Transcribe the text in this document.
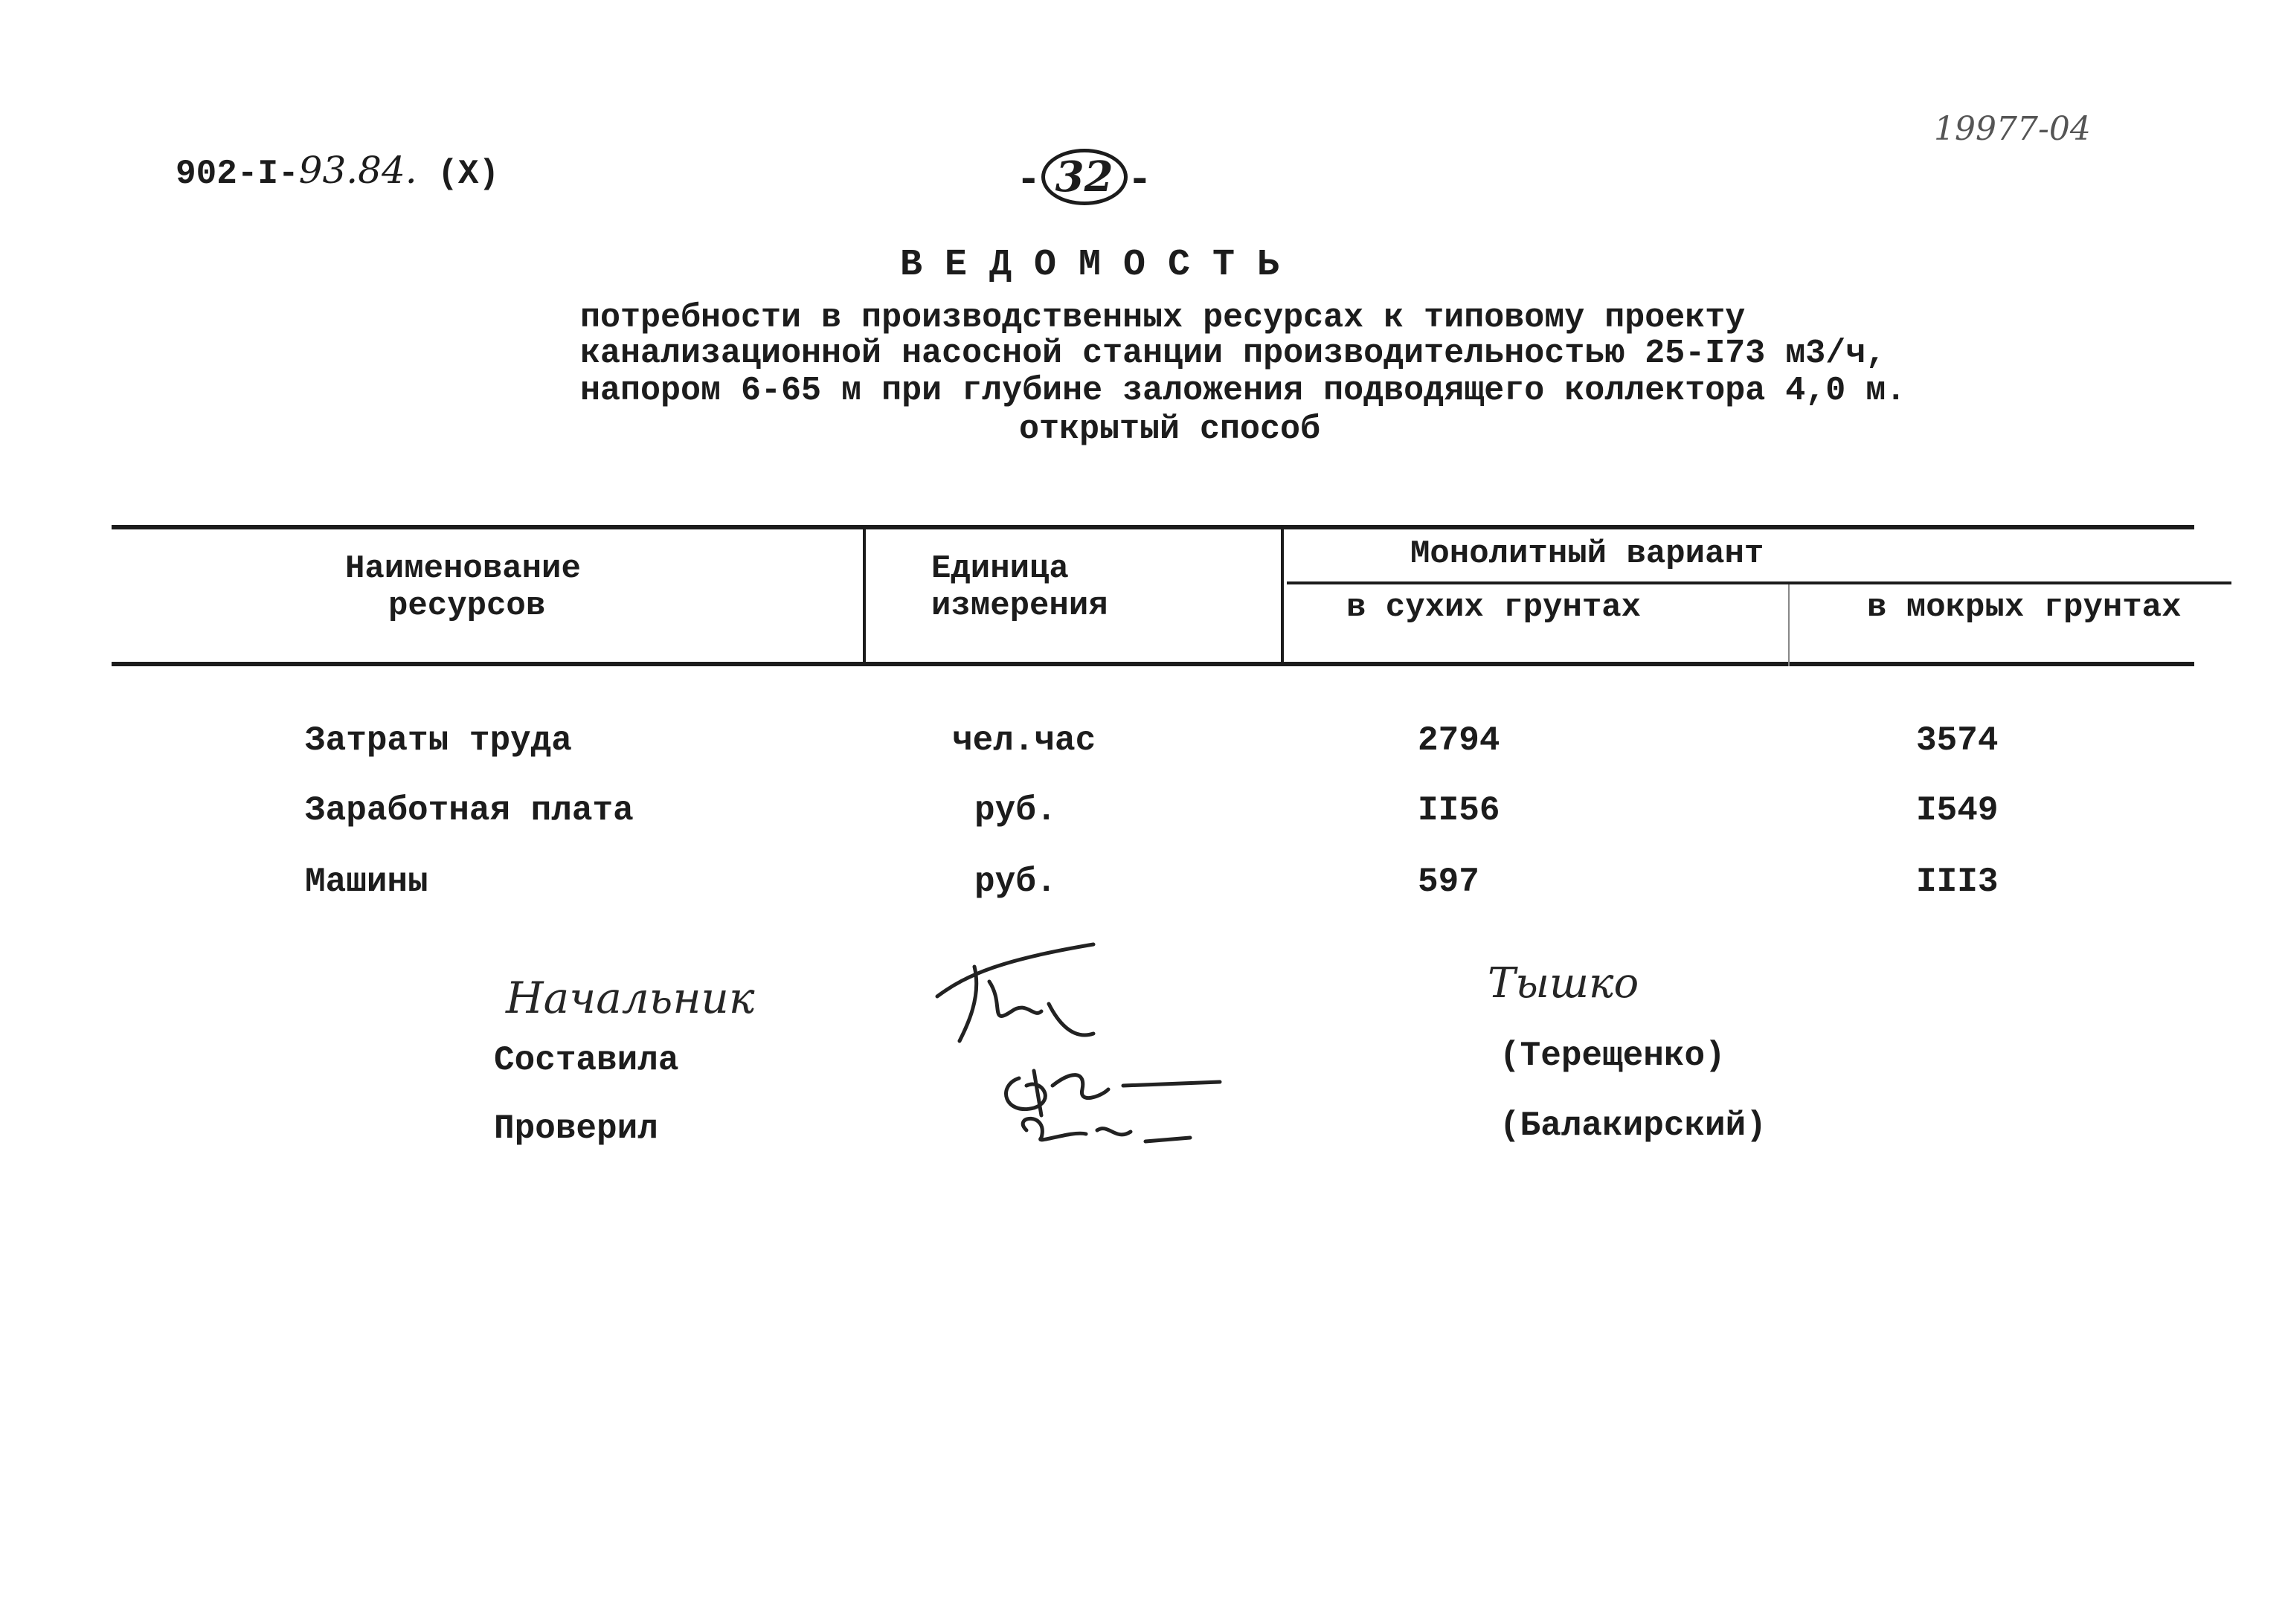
902-I-93.84. (Х)
19977-04
- 32 -
ВЕДОМОСТЬ
потребности в производственных ресурсах к типовому проекту
канализационной насосной станции производительностью 25-I73 м3/ч,
напором 6-65 м при глубине заложения подводящего коллектора 4,0 м.
открытый способ
Наименование
ресурсов
Единица
измерения
Монолитный вариант
в сухих грунтах	в мокрых грунтах
Затраты труда	чел.час	2794	3574
Заработная плата	руб.	II56	I549
Машины	руб.	597	III3
Начальник	Тышко
Составила	(Терещенко)
Проверил	(Балакирский)
